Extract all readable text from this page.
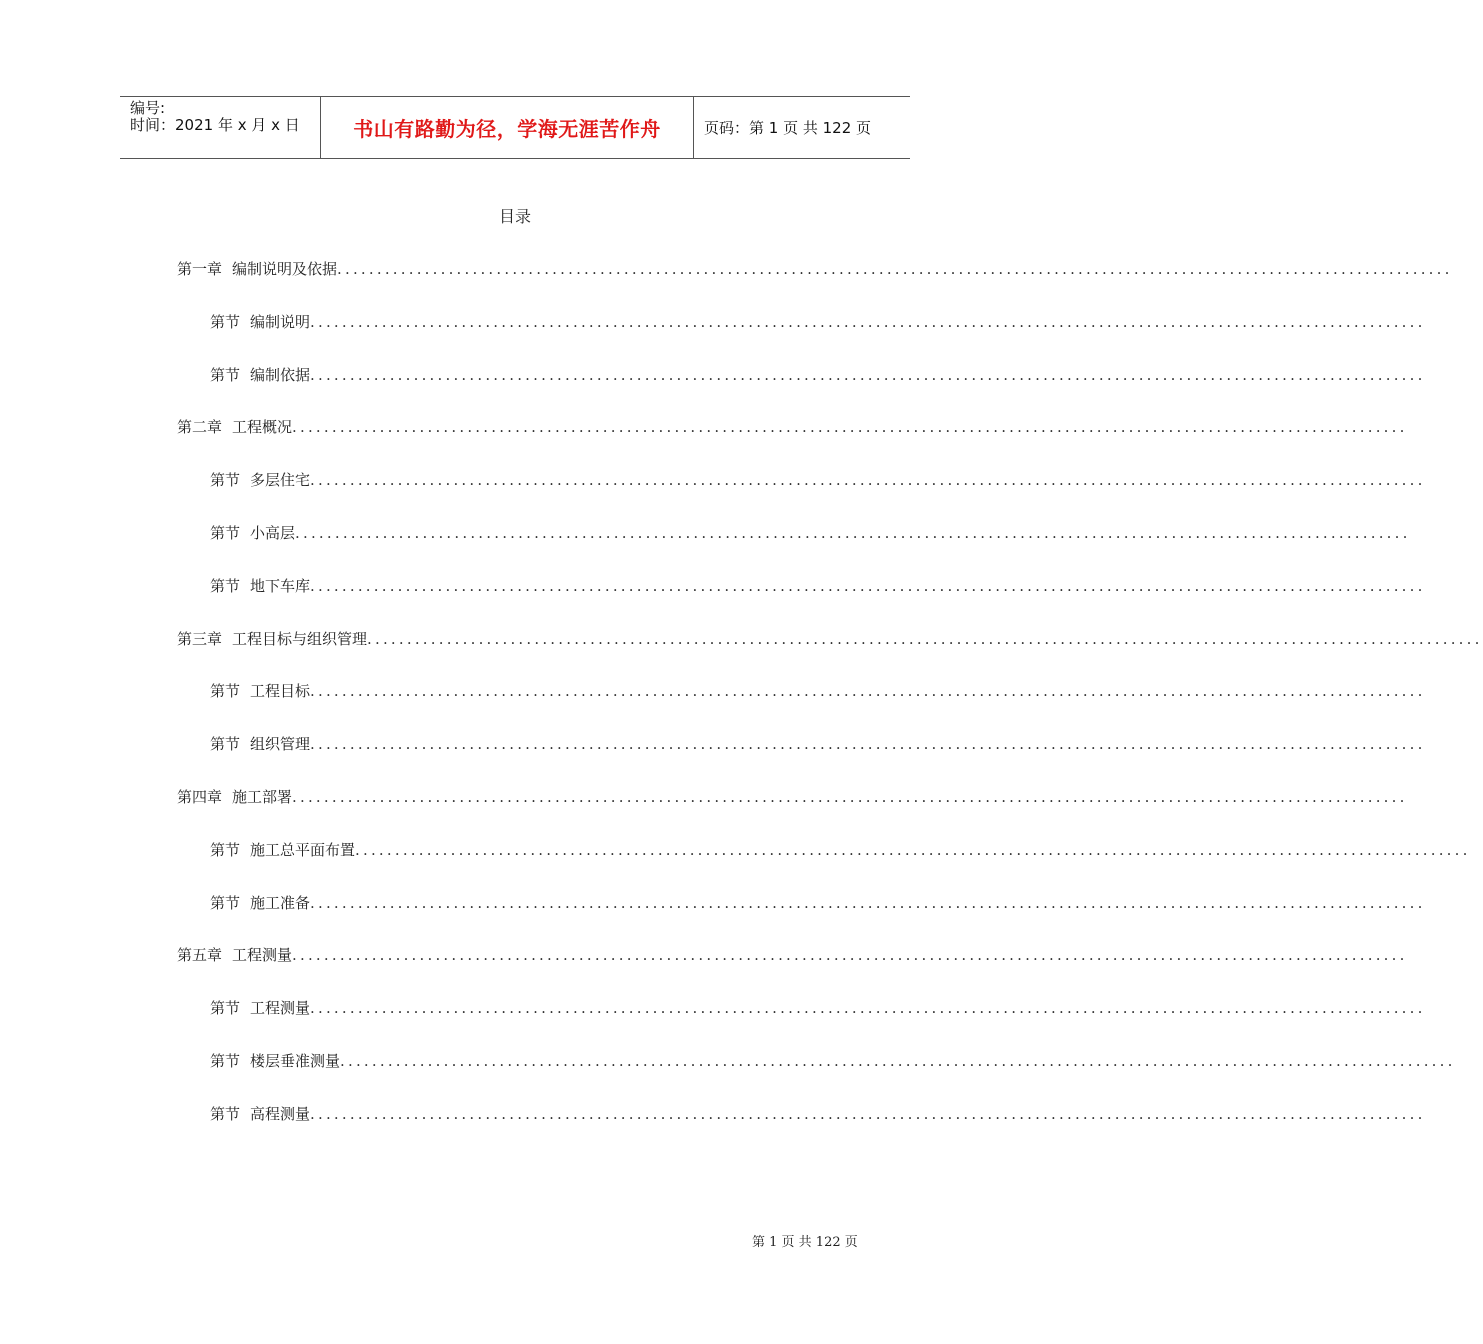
编号:
时间：2021 年 x 月 x 日	书山有路勤为径，学海无涯苦作舟	页码：第 1 页 共 122 页
目录
第一章 编制说明及依据 ............................................................................................................................................
第节 编制说明 ............................................................................................................................................
第节 编制依据 ............................................................................................................................................
第二章 工程概况 ............................................................................................................................................
第节 多层住宅 ............................................................................................................................................
第节 小高层 ............................................................................................................................................
第节 地下车库 ............................................................................................................................................
第三章 工程目标与组织管理 ............................................................................................................................................
第节 工程目标 ............................................................................................................................................
第节 组织管理 ............................................................................................................................................
第四章 施工部署 ............................................................................................................................................
第节 施工总平面布置 ............................................................................................................................................
第节 施工准备 ............................................................................................................................................
第五章 工程测量 ............................................................................................................................................
第节 工程测量 ............................................................................................................................................
第节 楼层垂准测量 ............................................................................................................................................
第节 高程测量 ............................................................................................................................................
第 1 页 共 122 页
